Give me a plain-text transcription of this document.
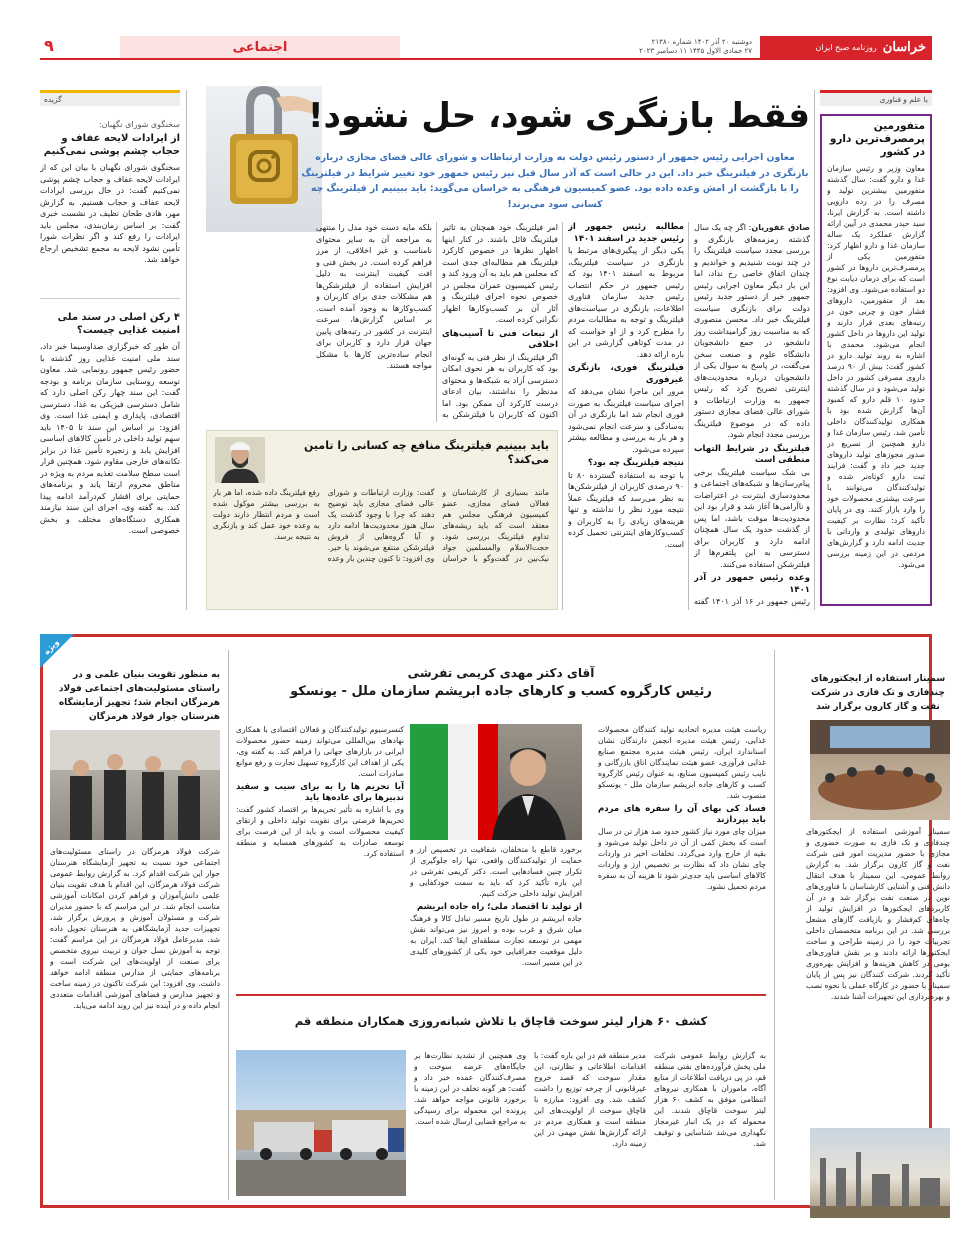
خراسان
روزنامه صبح ایران
دوشنبه ۲۰ آذر ۱۴۰۲ شماره ۲۱۳۸۰
۲۷ جمادی الاول ۱۴۴۵ ۱۱ دسامبر ۲۰۲۳
اجتماعی
۹
با علم و فناوری
متفورمین پرمصرف‌ترین دارو در کشور
معاون وزیر و رئیس سازمان غذا و دارو گفت: سال گذشته متفورمین بیشترین تولید و مصرف را در رده دارویی داشته است. به گزارش ایرنا، سید حیدر محمدی در آیین ارائه گزارش عملکرد یک ساله سازمان غذا و دارو اظهار کرد: متفورمین یکی از پرمصرف‌ترین داروها در کشور است که برای درمان دیابت نوع دو استفاده می‌شود. وی افزود: بعد از متفورمین، داروهای فشار خون و چربی خون در رتبه‌های بعدی قرار دارند و تولید این داروها در داخل کشور انجام می‌شود. محمدی با اشاره به روند تولید دارو در کشور گفت: بیش از ۹۰ درصد داروی مصرفی کشور در داخل تولید می‌شود و در سال گذشته حدود ۱۰ قلم دارو که کمبود آن‌ها گزارش شده بود با همکاری تولیدکنندگان داخلی تأمین شد. رئیس سازمان غذا و دارو همچنین از تسریع در صدور مجوزهای تولید داروهای جدید خبر داد و گفت: فرایند ثبت دارو کوتاه‌تر شده و تولیدکنندگان می‌توانند با سرعت بیشتری محصولات خود را وارد بازار کنند. وی در پایان تأکید کرد: نظارت بر کیفیت داروهای تولیدی و وارداتی با جدیت ادامه دارد و گزارش‌های مردمی در این زمینه بررسی می‌شود.
گزیده
سخنگوی شورای نگهبان:
از ایرادات لایحه عفاف و حجاب چشم پوشی نمی‌کنیم
سخنگوی شورای نگهبان با بیان این که از ایرادات لایحه عفاف و حجاب چشم پوشی نمی‌کنیم گفت: در حال بررسی ایرادات لایحه عفاف و حجاب هستیم. به گزارش مهر، هادی طحان نظیف در نشست خبری گفت: بر اساس زمان‌بندی، مجلس باید ایرادات را رفع کند و اگر نظرات شورا تأمین نشود لایحه به مجمع تشخیص ارجاع خواهد شد.
۴ رکن اصلی در سند ملی امنیت غذایی چیست؟
آن طور که خبرگزاری صداوسیما خبر داد، سند ملی امنیت غذایی روز گذشته با حضور رئیس جمهور رونمایی شد. معاون توسعه روستایی سازمان برنامه و بودجه گفت: این سند چهار رکن اصلی دارد که شامل دسترسی فیزیکی به غذا، دسترسی اقتصادی، پایداری و ایمنی غذا است. وی افزود: بر اساس این سند تا ۱۴۰۵ باید سهم تولید داخلی در تأمین کالاهای اساسی افزایش یابد و زنجیره تأمین غذا در برابر تکانه‌های خارجی مقاوم شود. همچنین قرار است سطح سلامت تغذیه مردم به ویژه در مناطق محروم ارتقا یابد و برنامه‌های حمایتی برای اقشار کم‌درآمد ادامه پیدا کند. به گفته وی، اجرای این سند نیازمند همکاری دستگاه‌های مختلف و بخش خصوصی است.
فقط بازنگری شود، حل نشود!
معاون اجرایی رئیس جمهور از دستور رئیس دولت به وزارت ارتباطات و شورای عالی فضای مجازی درباره بازنگری در فیلترینگ خبر داد. این در حالی است که آذر سال قبل نیز رئیس جمهور خود تغییر شرایط در فیلترینگ را با بازگشت از امش وعده داده بود. عضو کمیسیون فرهنگی به خراسان می‌گوید: باید ببینیم از فیلترینگ چه کسانی سود می‌برند!

صادق غفوریان: اگر چه یک سال گذشته زمزمه‌های بازنگری و بررسی مجدد سیاست فیلترینگ را در چند نوبت شنیدیم و خواندیم و چندان اتفاق خاصی رخ نداد، اما این بار دیگر معاون اجرایی رئیس جمهور خبر از دستور جدید رئیس دولت برای بازنگری سیاست فیلترینگ خبر داد. محسن منصوری که به مناسبت روز گرامیداشت روز دانشجو، در جمع دانشجویان دانشگاه علوم و صنعت سخن می‌گفت، در پاسخ به سوال یکی از دانشجویان درباره محدودیت‌های اینترنتی تصریح کرد که رئیس جمهور به وزارت ارتباطات و شورای عالی فضای مجازی دستور داده که در موضوع فیلترینگ بررسی مجدد انجام شود.

فیلترینگ در شرایط التهاب منطقی است

بی شک سیاست فیلترینگ برخی پیام‌رسان‌ها و شبکه‌های اجتماعی و محدودسازی اینترنت در اعتراضات و ناآرامی‌ها آغاز شد و قرار بود این محدودیت‌ها موقت باشد، اما پس از گذشت حدود یک سال همچنان ادامه دارد و کاربران برای دسترسی به این پلتفرم‌ها از فیلترشکن استفاده می‌کنند.

وعده رئیس جمهور در آذر ۱۴۰۱

رئیس جمهور در ۱۶ آذر ۱۴۰۱ گفته

مطالبه رئیس جمهور از رئیس جدید در اسفند ۱۴۰۱

یکی دیگر از پیگیری‌های مرتبط با بازنگری در سیاست فیلترینگ، مربوط به اسفند ۱۴۰۱ بود که رئیس جمهور در حکم انتصاب رئیس جدید سازمان فناوری اطلاعات، بازنگری در سیاست‌های فیلترینگ و توجه به مطالبات مردم را مطرح کرد و از او خواست که در مدت کوتاهی گزارشی در این باره ارائه دهد.

فیلترینگ فوری، بازنگری غیرفوری

مرور این ماجرا نشان می‌دهد که اجرای سیاست فیلترینگ به صورت فوری انجام شد اما بازنگری در آن به‌سادگی و سرعت انجام نمی‌شود و هر بار به بررسی و مطالعه بیشتر سپرده می‌شود.

نتیجه فیلترینگ چه بود؟

با توجه به استفاده گسترده ۸۰ تا ۹۰ درصدی کاربران از فیلترشکن‌ها به نظر می‌رسد که فیلترینگ عملاً نتیجه مورد نظر را نداشته و تنها هزینه‌های زیادی را به کاربران و کسب‌وکارهای اینترنتی تحمیل کرده است.

امر فیلترینگ خود همچنان به تاثیر فیلترینگ قائل باشند. در کنار اینها اظهار نظرها در خصوص کارکرد فیلترینگ هم مطالبه‌ای جدی است که مجلس هم باید به آن ورود کند و رئیس کمیسیون عمران مجلس در خصوص نحوه اجرای فیلترینگ و آثار آن بر کسب‌وکارها اظهار نگرانی کرده است.

از تبعات فنی تا آسیب‌های اخلاقی

اگر فیلترینگ از نظر فنی به گونه‌ای بود که کاربران به هر نحوی امکان دسترسی آزاد به شبکه‌ها و محتوای مدنظر را نداشتند، بیان ادعای درست کارکرد آن ممکن بود. اما اکنون که کاربران با فیلترشکن به

بلکه مایه دست خود مدل را منتهی به مراجعه آن به سایر محتوای نامناسب و غیر اخلاقی، از مرز فراهم کرده است. در بخش فنی و افت کیفیت اینترنت به دلیل افزایش استفاده از فیلترشکن‌ها هم مشکلات جدی برای کاربران و کسب‌وکارها به وجود آمده است. بر اساس گزارش‌ها، سرعت اینترنت در کشور در رتبه‌های پایین جهان قرار دارد و کاربران برای انجام ساده‌ترین کارها با مشکل مواجه هستند.

باید ببینیم فیلترینگ منافع چه کسانی را تامین می‌کند؟
مانند بسیاری از کارشناسان و فعالان فضای مجازی، عضو کمیسیون فرهنگی مجلس هم معتقد است که باید ریشه‌های تداوم فیلترینگ بررسی شود. حجت‌الاسلام والمسلمین جواد نیک‌بین در گفت‌وگو با خراسان گفت: وزارت ارتباطات و شورای عالی فضای مجازی باید توضیح دهند که چرا با وجود گذشت یک سال هنوز محدودیت‌ها ادامه دارد و آیا گروه‌هایی از فروش فیلترشکن منتفع می‌شوند یا خیر. وی افزود: تا کنون چندین بار وعده رفع فیلترینگ داده شده، اما هر بار به بررسی بیشتر موکول شده است و مردم انتظار دارند دولت به وعده خود عمل کند و بازنگری به نتیجه برسد.
ویژه
سمینار استفاده از ایجکتورهای چندفازی و تک فازی در شرکت نفت و گاز کارون برگزار شد
سمینار آموزشی استفاده از ایجکتورهای چندفازی و تک فازی به صورت حضوری و مجازی با حضور مدیریت امور فنی شرکت نفت و گاز کارون برگزار شد. به گزارش روابط عمومی، این سمینار با هدف انتقال دانش فنی و آشنایی کارشناسان با فناوری‌های نوین در صنعت نفت برگزار شد و در آن کاربردهای ایجکتورها در افزایش تولید از چاه‌های کم‌فشار و بازیافت گازهای مشعل بررسی شد. در این برنامه متخصصان داخلی تجربیات خود را در زمینه طراحی و ساخت ایجکتورها ارائه دادند و بر نقش فناوری‌های بومی در کاهش هزینه‌ها و افزایش بهره‌وری تأکید کردند. شرکت کنندگان نیز پس از پایان سمینار با حضور در کارگاه عملی با نحوه نصب و بهره‌برداری این تجهیزات آشنا شدند.
آقای دکتر مهدی کریمی تفرشی
رئیس کارگروه کسب و کارهای جاده ابریشم سازمان ملل - یونسکو

ریاست هیئت مدیره اتحادیه تولید کنندگان محصولات غذایی، رئیس هیئت مدیره انجمن دارندگان نشان استاندارد ایران، رئیس هیئت مدیره مجتمع صنایع غذایی فرآوری، عضو هیئت نمایندگان اتاق بازرگانی و نایب رئیس کمیسیون صنایع، به عنوان رئیس کارگروه کسب و کارهای جاده ابریشم سازمان ملل - یونسکو منصوب شد.

فساد کی بهای آن را سفره های مردم باید بپردازند

میزان چای مورد نیاز کشور حدود صد هزار تن در سال است که بخش کمی از آن در داخل تولید می‌شود و بقیه از خارج وارد می‌گردد. تخلفات اخیر در واردات چای نشان داد که نظارت بر تخصیص ارز و واردات کالاهای اساسی باید جدی‌تر شود تا هزینه آن به سفره مردم تحمیل نشود.

برخورد قاطع با متخلفان، شفافیت در تخصیص ارز و حمایت از تولیدکنندگان واقعی، تنها راه جلوگیری از تکرار چنین فسادهایی است. دکتر کریمی تفرشی در این باره تأکید کرد که باید به سمت خودکفایی و افزایش تولید داخلی حرکت کنیم.

از تولید تا اقتصاد ملی؛ راه جاده ابریشم

جاده ابریشم در طول تاریخ مسیر تبادل کالا و فرهنگ میان شرق و غرب بوده و امروز نیز می‌تواند نقش مهمی در توسعه تجارت منطقه‌ای ایفا کند. ایران به دلیل موقعیت جغرافیایی خود یکی از کشورهای کلیدی در این مسیر است.

کنسرسیوم تولیدکنندگان و فعالان اقتصادی با همکاری نهادهای بین‌المللی می‌تواند زمینه حضور محصولات ایرانی در بازارهای جهانی را فراهم کند. به گفته وی، یکی از اهداف این کارگروه تسهیل تجارت و رفع موانع صادرات است.

آیا تحریم ها را به برای سیب و سفید تدبیرها برای عاده‌ها باید

وی با اشاره به تأثیر تحریم‌ها بر اقتصاد کشور گفت: تحریم‌ها فرصتی برای تقویت تولید داخلی و ارتقای کیفیت محصولات است و باید از این فرصت برای توسعه صادرات به کشورهای همسایه و منطقه استفاده کرد.

به منظور تقویت بنیان علمی و در راستای مسئولیت‌های اجتماعی فولاد هرمزگان انجام شد؛ تجهیز آزمایشگاه هنرستان جوار فولاد هرمزگان
شرکت فولاد هرمزگان در راستای مسئولیت‌های اجتماعی خود نسبت به تجهیز آزمایشگاه هنرستان جوار این شرکت اقدام کرد. به گزارش روابط عمومی شرکت فولاد هرمزگان، این اقدام با هدف تقویت بنیان علمی دانش‌آموزان و فراهم کردن امکانات آموزشی مناسب انجام شد. در این مراسم که با حضور مدیران شرکت و مسئولان آموزش و پرورش برگزار شد، تجهیزات جدید آزمایشگاهی به هنرستان تحویل داده شد. مدیرعامل فولاد هرمزگان در این مراسم گفت: توجه به آموزش نسل جوان و تربیت نیروی متخصص برای صنعت از اولویت‌های این شرکت است و برنامه‌های حمایتی از مدارس منطقه ادامه خواهد داشت. وی افزود: این شرکت تاکنون در زمینه ساخت و تجهیز مدارس و فضاهای آموزشی اقدامات متعددی انجام داده و در آینده نیز این روند ادامه می‌یابد.
کشف ۶۰ هزار لیتر سوخت قاچاق با تلاش شبانه‌روزی همکاران منطقه قم
به گزارش روابط عمومی شرکت ملی پخش فرآورده‌های نفتی منطقه قم، در پی دریافت اطلاعات از منابع آگاه، ماموران با همکاری نیروهای انتظامی موفق به کشف ۶۰ هزار لیتر سوخت قاچاق شدند. این محموله که در یک انبار غیرمجاز نگهداری می‌شد شناسایی و توقیف شد.
مدیر منطقه قم در این باره گفت: با اقدامات اطلاعاتی و نظارتی، این مقدار سوخت که قصد خروج غیرقانونی از چرخه توزیع را داشت کشف شد. وی افزود: مبارزه با قاچاق سوخت از اولویت‌های این منطقه است و همکاری مردم در ارائه گزارش‌ها نقش مهمی در این زمینه دارد.
وی همچنین از تشدید نظارت‌ها بر جایگاه‌های عرضه سوخت و مصرف‌کنندگان عمده خبر داد و گفت: هر گونه تخلف در این زمینه با برخورد قانونی مواجه خواهد شد. پرونده این محموله برای رسیدگی به مراجع قضایی ارسال شده است.
